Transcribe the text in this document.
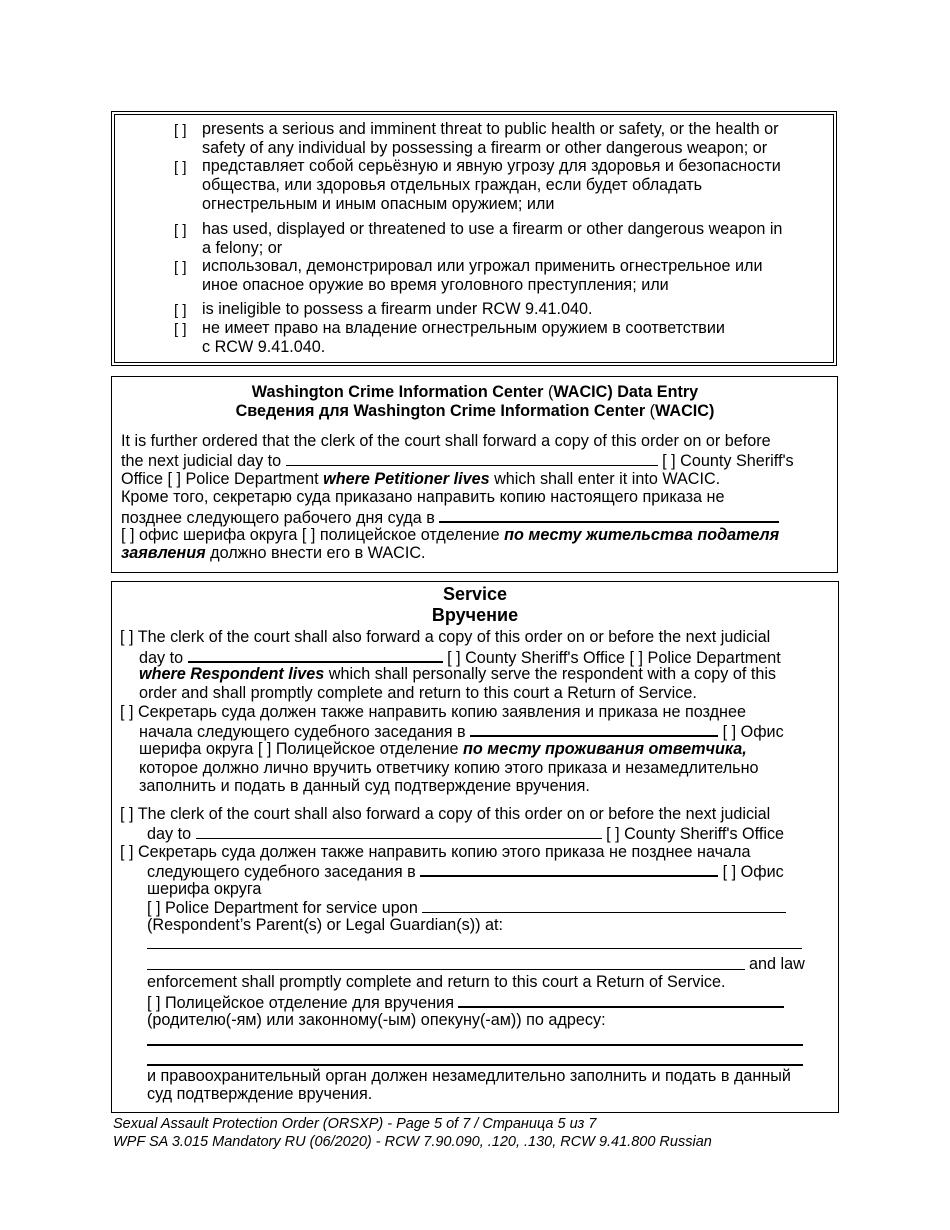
[ ] presents a serious and imminent threat to public health or safety, or the health or
safety of any individual by possessing a firearm or other dangerous weapon; or
[ ] представляет собой серьёзную и явную угрозу для здоровья и безопасности
общества, или здоровья отдельных граждан, если будет обладать
огнестрельным и иным опасным оружием; или
[ ] has used, displayed or threatened to use a firearm or other dangerous weapon in
a felony; or
[ ] использовал, демонстрировал или угрожал применить огнестрельное или
иное опасное оружие во время уголовного преступления; или
[ ] is ineligible to possess a firearm under RCW 9.41.040.
[ ] не имеет право на владение огнестрельным оружием в соответствии
с RCW 9.41.040.
Washington Crime Information Center (WACIC) Data Entry
Сведения для Washington Crime Information Center (WACIC)
It is further ordered that the clerk of the court shall forward a copy of this order on or before
the next judicial day to	[ ] County Sheriff's
Office [ ] Police Department where Petitioner lives which shall enter it into WACIC.
Кроме того, секретарю суда приказано направить копию настоящего приказа не
позднее следующего рабочего дня суда в
[ ] офис шерифа округа [ ] полицейское отделение по месту жительства подателя
заявления должно внести его в WACIC.
Service
Вручение
[ ] The clerk of the court shall also forward a copy of this order on or before the next judicial
day to	[ ] County Sheriff's Office [ ] Police Department
where Respondent lives which shall personally serve the respondent with a copy of this
order and shall promptly complete and return to this court a Return of Service.
[ ] Секретарь суда должен также направить копию заявления и приказа не позднее
начала следующего судебного заседания в	[ ] Офис
шерифа округа [ ] Полицейское отделение по месту проживания ответчика,
которое должно лично вручить ответчику копию этого приказа и незамедлительно
заполнить и подать в данный суд подтверждение вручения.
[ ] The clerk of the court shall also forward a copy of this order on or before the next judicial
day to	[ ] County Sheriff's Office
[ ] Секретарь суда должен также направить копию этого приказа не позднее начала
следующего судебного заседания в	[ ] Офис
шерифа округа
[ ] Police Department for service upon
(Respondent’s Parent(s) or Legal Guardian(s)) at:
and law
enforcement shall promptly complete and return to this court a Return of Service.
[ ] Полицейское отделение для вручения
(родителю(-ям) или законному(-ым) опекуну(-ам)) по адресу:
и правоохранительный орган должен незамедлительно заполнить и подать в данный
суд подтверждение вручения.
Sexual Assault Protection Order (ORSXP) - Page 5 of 7 / Страница 5 из 7
WPF SA 3.015 Mandatory RU (06/2020) - RCW 7.90.090, .120, .130, RCW 9.41.800 Russian
